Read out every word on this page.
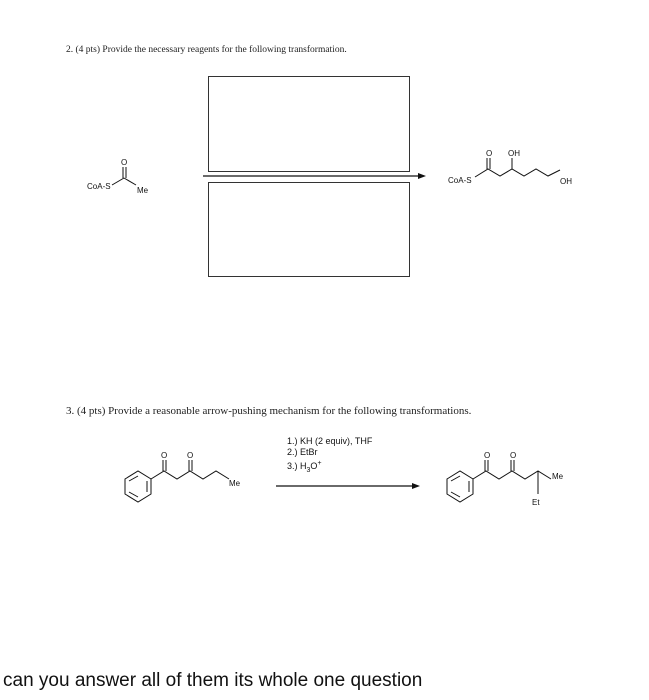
2. (4 pts) Provide the necessary reagents for the following transformation.
CoA-S
O
Me
CoA-S
O OH
OH
O O
Me
O O
Me
Et
3. (4 pts) Provide a reasonable arrow-pushing mechanism for the following transformations.
1.) KH (2 equiv), THF
2.) EtBr
3.) $H_3O^+$
can you answer all of them its whole one question
